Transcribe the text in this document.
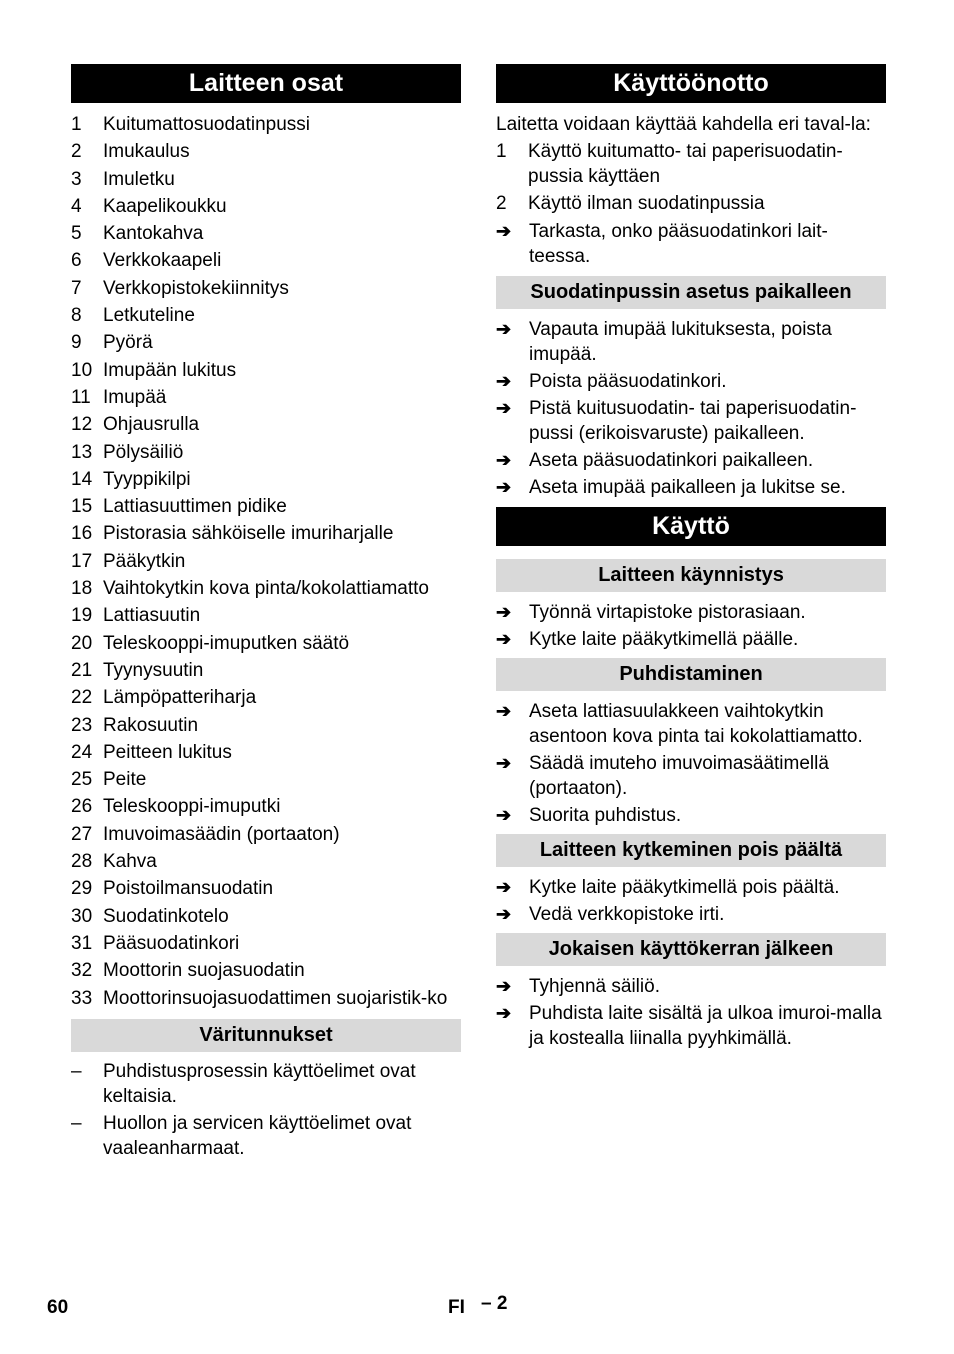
Laitteen osat
1 Kuitumattosuodatinpussi
2 Imukaulus
3 Imuletku
4 Kaapelikoukku
5 Kantokahva
6 Verkkokaapeli
7 Verkkopistokekiinnitys
8 Letkuteline
9 Pyörä
10 Imupään lukitus
11 Imupää
12 Ohjausrulla
13 Pölysäiliö
14 Tyyppikilpi
15 Lattiasuuttimen pidike
16 Pistorasia sähköiselle imuriharjalle
17 Pääkytkin
18 Vaihtokytkin kova pinta/kokolattiamatto
19 Lattiasuutin
20 Teleskooppi-imuputken säätö
21 Tyynysuutin
22 Lämpöpatteriharja
23 Rakosuutin
24 Peitteen lukitus
25 Peite
26 Teleskooppi-imuputki
27 Imuvoimasäädin (portaaton)
28 Kahva
29 Poistoilmansuodatin
30 Suodatinkotelo
31 Pääsuodatinkori
32 Moottorin suojasuodatin
33 Moottorinsuojasuodattimen suojaristik-ko
Väritunnukset
– Puhdistusprosessin käyttöelimet ovat keltaisia.
– Huollon ja servicen käyttöelimet ovat vaaleanharmaat.
Käyttöönotto

Laitetta voidaan käyttää kahdella eri taval-la:

1 Käyttö kuitumatto- tai paperisuodatin-pussia käyttäen
2 Käyttö ilman suodatinpussia
➔ Tarkasta, onko pääsuodatinkori lait-teessa.
Suodatinpussin asetus paikalleen
➔ Vapauta imupää lukituksesta, poista imupää.
➔ Poista pääsuodatinkori.
➔ Pistä kuitusuodatin- tai paperisuodatin-pussi (erikoisvaruste) paikalleen.
➔ Aseta pääsuodatinkori paikalleen.
➔ Aseta imupää paikalleen ja lukitse se.
Käyttö
Laitteen käynnistys
➔ Työnnä virtapistoke pistorasiaan.
➔ Kytke laite pääkytkimellä päälle.
Puhdistaminen
➔ Aseta lattiasuulakkeen vaihtokytkin asentoon kova pinta tai kokolattiamatto.
➔ Säädä imuteho imuvoimasäätimellä (portaaton).
➔ Suorita puhdistus.
Laitteen kytkeminen pois päältä
➔ Kytke laite pääkytkimellä pois päältä.
➔ Vedä verkkopistoke irti.
Jokaisen käyttökerran jälkeen
➔ Tyhjennä säiliö.
➔ Puhdista laite sisältä ja ulkoa imuroi-malla ja kostealla liinalla pyyhkimällä.
60	FI – 2
